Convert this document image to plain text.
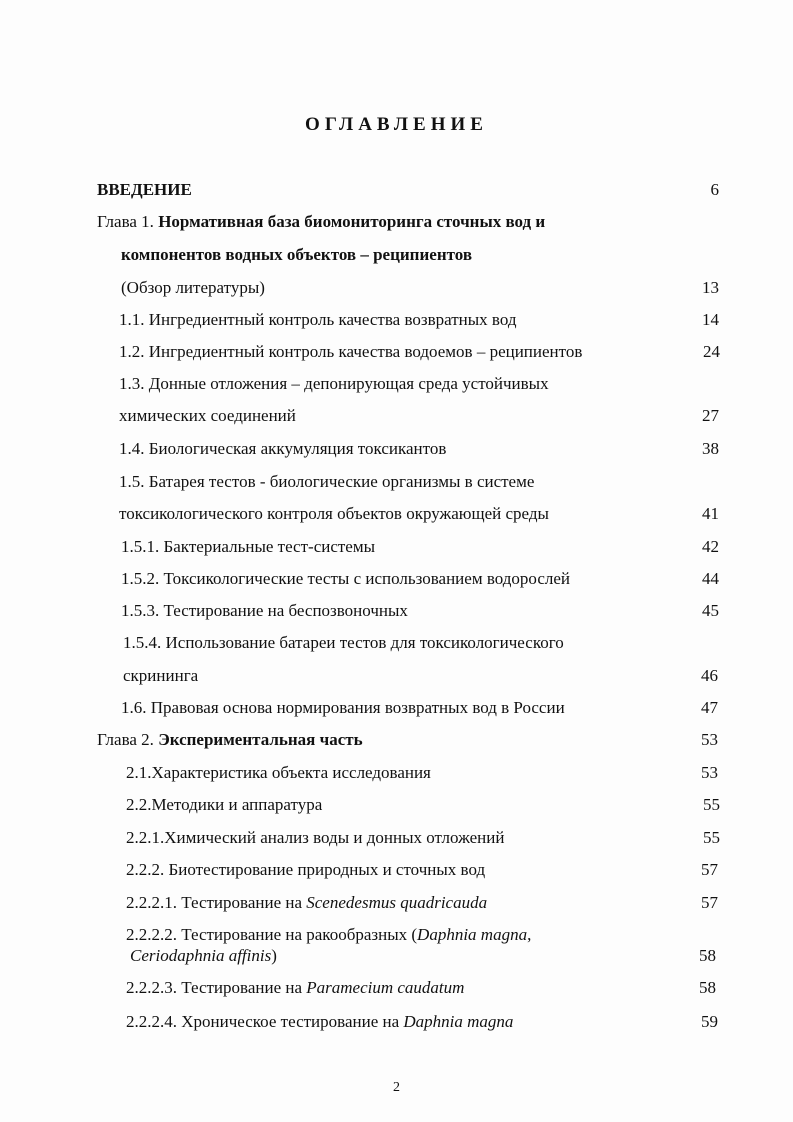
ОГЛАВЛЕНИЕ
ВВЕДЕНИЕ	6
Глава 1. Нормативная база биомониторинга сточных вод и
компонентов водных объектов – реципиентов
(Обзор литературы)	13
1.1. Ингредиентный контроль качества возвратных вод	14
1.2. Ингредиентный контроль качества водоемов – реципиентов	24
1.3. Донные отложения – депонирующая среда устойчивых
химических соединений	27
1.4. Биологическая аккумуляция токсикантов	38
1.5. Батарея тестов - биологические организмы в системе
токсикологического контроля объектов окружающей среды	41
1.5.1. Бактериальные тест-системы	42
1.5.2. Токсикологические тесты с использованием водорослей	44
1.5.3. Тестирование на беспозвоночных	45
1.5.4. Использование батареи тестов для токсикологического
скрининга	46
1.6. Правовая основа нормирования возвратных вод в России	47
Глава 2. Экспериментальная часть	53
2.1.Характеристика объекта исследования	53
2.2.Методики и аппаратура	55
2.2.1.Химический анализ воды и донных отложений	55
2.2.2. Биотестирование природных и сточных вод	57
2.2.2.1. Тестирование на Scenedesmus quadricauda	57
2.2.2.2. Тестирование на ракообразных (Daphnia magna,
Ceriodaphnia affinis)	58
2.2.2.3. Тестирование на Paramecium caudatum	58
2.2.2.4. Хроническое тестирование на Daphnia magna	59
2
